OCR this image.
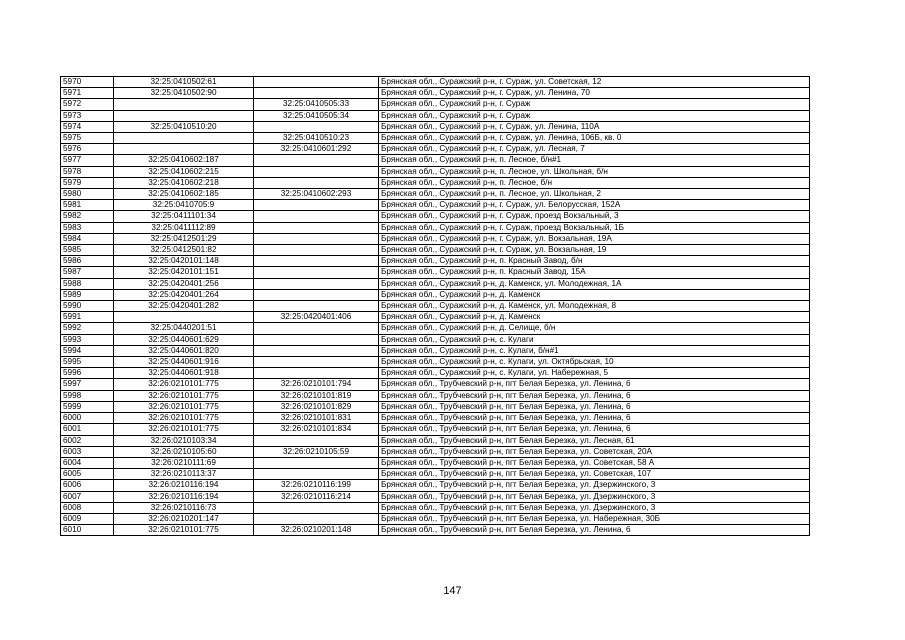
5970	32:25:0410502:61		Брянская обл., Суражский р-н, г. Сураж, ул. Советская, 12
5971	32:25:0410502:90		Брянская обл., Суражский р-н, г. Сураж, ул. Ленина, 70
5972		32:25:0410505:33	Брянская обл., Суражский р-н, г. Сураж
5973		32:25:0410505:34	Брянская обл., Суражский р-н, г. Сураж
5974	32:25:0410510:20		Брянская обл., Суражский р-н, г. Сураж, ул. Ленина, 110А
5975		32:25:0410510:23	Брянская обл., Суражский р-н, г. Сураж, ул. Ленина, 106Б, кв. 0
5976		32:25:0410601:292	Брянская обл., Суражский р-н, г. Сураж, ул. Лесная, 7
5977	32:25:0410602:187		Брянская обл., Суражский р-н, п. Лесное, б/н#1
5978	32:25:0410602:215		Брянская обл., Суражский р-н, п. Лесное, ул. Школьная, б/н
5979	32:25:0410602:218		Брянская обл., Суражский р-н, п. Лесное, б/н
5980	32:25:0410602:185	32:25:0410602:293	Брянская обл., Суражский р-н, п. Лесное, ул. Школьная, 2
5981	32:25:0410705:9		Брянская обл., Суражский р-н, г. Сураж, ул. Белорусская, 152А
5982	32:25:0411101:34		Брянская обл., Суражский р-н, г. Сураж, проезд Вокзальный, 3
5983	32:25:0411112:89		Брянская обл., Суражский р-н, г. Сураж, проезд Вокзальный, 1Б
5984	32:25:0412501:29		Брянская обл., Суражский р-н, г. Сураж, ул. Вокзальная, 19А
5985	32:25:0412501:82		Брянская обл., Суражский р-н, г. Сураж, ул. Вокзальная, 19
5986	32:25:0420101:148		Брянская обл., Суражский р-н, п. Красный Завод, б/н
5987	32:25:0420101:151		Брянская обл., Суражский р-н, п. Красный Завод, 15А
5988	32:25:0420401:256		Брянская обл., Суражский р-н, д. Каменск, ул. Молодежная, 1А
5989	32:25:0420401:264		Брянская обл., Суражский р-н, д. Каменск
5990	32:25:0420401:282		Брянская обл., Суражский р-н, д. Каменск, ул. Молодежная, 8
5991		32:25:0420401:406	Брянская обл., Суражский р-н, д. Каменск
5992	32:25:0440201:51		Брянская обл., Суражский р-н, д. Селище, б/н
5993	32:25:0440601:629		Брянская обл., Суражский р-н, с. Кулаги
5994	32:25:0440601:820		Брянская обл., Суражский р-н, с. Кулаги, б/н#1
5995	32:25:0440601:916		Брянская обл., Суражский р-н, с. Кулаги, ул. Октябрьская, 10
5996	32:25:0440601:918		Брянская обл., Суражский р-н, с. Кулаги, ул. Набережная, 5
5997	32:26:0210101:775	32:26:0210101:794	Брянская обл., Трубчевский р-н, пгт Белая Березка, ул. Ленина, 6
5998	32:26:0210101:775	32:26:0210101:819	Брянская обл., Трубчевский р-н, пгт Белая Березка, ул. Ленина, 6
5999	32:26:0210101:775	32:26:0210101:829	Брянская обл., Трубчевский р-н, пгт Белая Березка, ул. Ленина, 6
6000	32:26:0210101:775	32:26:0210101:831	Брянская обл., Трубчевский р-н, пгт Белая Березка, ул. Ленина, 6
6001	32:26:0210101:775	32:26:0210101:834	Брянская обл., Трубчевский р-н, пгт Белая Березка, ул. Ленина, 6
6002	32:26:0210103:34		Брянская обл., Трубчевский р-н, пгт Белая Березка, ул. Лесная, 61
6003	32:26:0210105:60	32:26:0210105:59	Брянская обл., Трубчевский р-н, пгт Белая Березка, ул. Советская, 20А
6004	32:26:0210111:69		Брянская обл., Трубчевский р-н, пгт Белая Березка, ул. Советская, 58 А
6005	32:26:0210113:37		Брянская обл., Трубчевский р-н, пгт Белая Березка, ул. Советская, 107
6006	32:26:0210116:194	32:26:0210116:199	Брянская обл., Трубчевский р-н, пгт Белая Березка, ул. Дзержинского, 3
6007	32:26:0210116:194	32:26:0210116:214	Брянская обл., Трубчевский р-н, пгт Белая Березка, ул. Дзержинского, 3
6008	32:26:0210116:73		Брянская обл., Трубчевский р-н, пгт Белая Березка, ул. Дзержинского, 3
6009	32:26:0210201:147		Брянская обл., Трубчевский р-н, пгт Белая Березка, ул. Набережная, 30Б
6010	32:26:0210101:775	32:26:0210201:148	Брянская обл., Трубчевский р-н, пгт Белая Березка, ул. Ленина, 6
147
